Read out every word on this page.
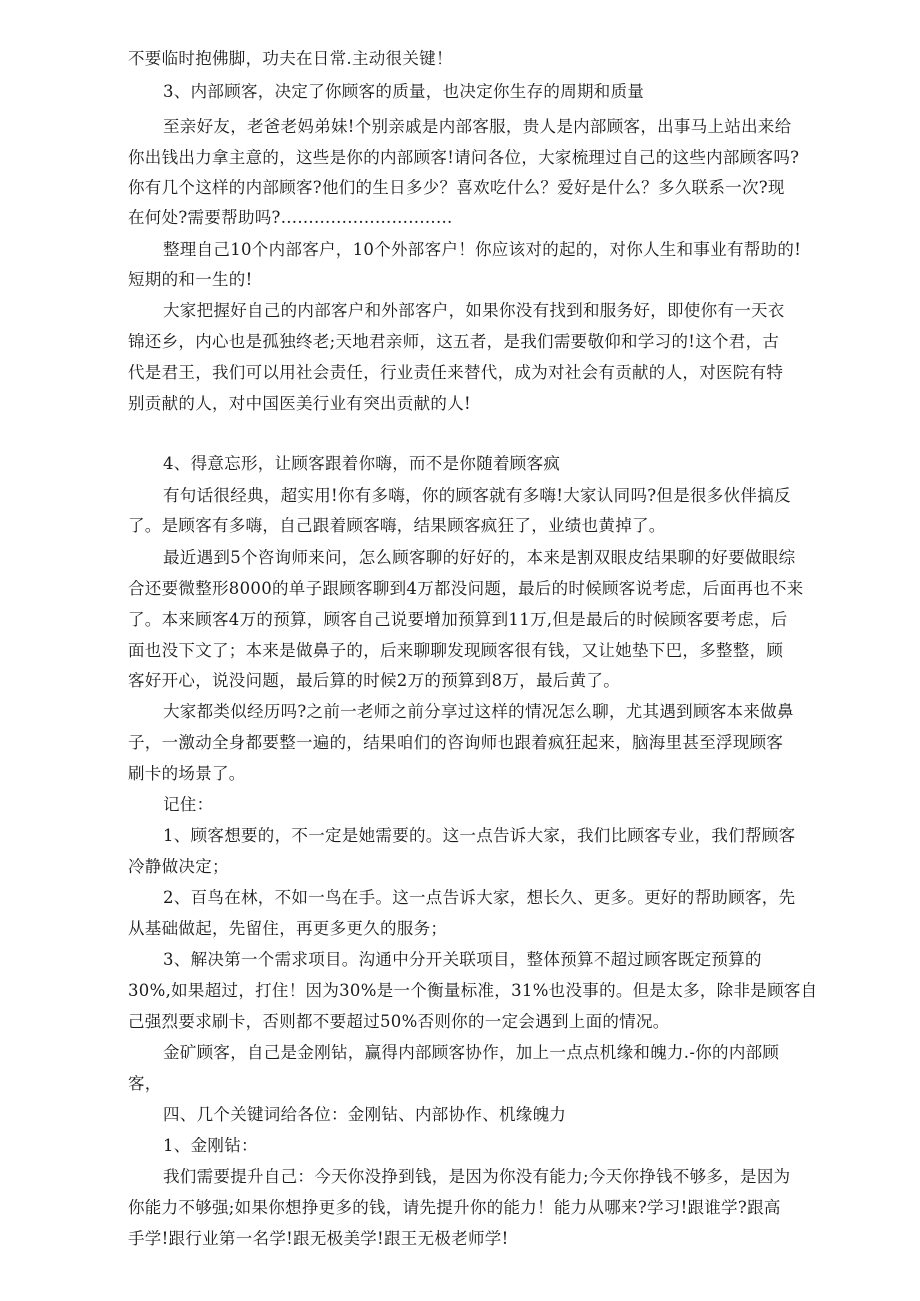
不要临时抱佛脚，功夫在日常.主动很关键！

3、内部顾客，决定了你顾客的质量，也决定你生存的周期和质量

至亲好友，老爸老妈弟妹!个别亲戚是内部客服，贵人是内部顾客，出事马上站出来给

你出钱出力拿主意的，这些是你的内部顾客!请问各位，大家梳理过自己的这些内部顾客吗?

你有几个这样的内部顾客?他们的生日多少？喜欢吃什么？爱好是什么？多久联系一次?现

在何处?需要帮助吗?...............................

整理自己10个内部客户，10个外部客户！你应该对的起的，对你人生和事业有帮助的!

短期的和一生的!

大家把握好自己的内部客户和外部客户，如果你没有找到和服务好，即使你有一天衣

锦还乡，内心也是孤独终老;天地君亲师，这五者，是我们需要敬仰和学习的!这个君，古

代是君王，我们可以用社会责任，行业责任来替代，成为对社会有贡献的人，对医院有特

别贡献的人，对中国医美行业有突出贡献的人!

4、得意忘形，让顾客跟着你嗨，而不是你随着顾客疯

有句话很经典，超实用!你有多嗨，你的顾客就有多嗨!大家认同吗?但是很多伙伴搞反

了。是顾客有多嗨，自己跟着顾客嗨，结果顾客疯狂了，业绩也黄掉了。

最近遇到5个咨询师来问，怎么顾客聊的好好的，本来是割双眼皮结果聊的好要做眼综

合还要微整形8000的单子跟顾客聊到4万都没问题，最后的时候顾客说考虑，后面再也不来

了。本来顾客4万的预算，顾客自己说要增加预算到11万,但是最后的时候顾客要考虑，后

面也没下文了；本来是做鼻子的，后来聊聊发现顾客很有钱，又让她垫下巴，多整整，顾

客好开心，说没问题，最后算的时候2万的预算到8万，最后黄了。

大家都类似经历吗?之前一老师之前分享过这样的情况怎么聊，尤其遇到顾客本来做鼻

子，一激动全身都要整一遍的，结果咱们的咨询师也跟着疯狂起来，脑海里甚至浮现顾客

刷卡的场景了。

记住：

1、顾客想要的，不一定是她需要的。这一点告诉大家，我们比顾客专业，我们帮顾客

冷静做决定；

2、百鸟在林，不如一鸟在手。这一点告诉大家，想长久、更多。更好的帮助顾客，先

从基础做起，先留住，再更多更久的服务；

3、解决第一个需求项目。沟通中分开关联项目，整体预算不超过顾客既定预算的

30%,如果超过，打住！因为30%是一个衡量标准，31%也没事的。但是太多，除非是顾客自

己强烈要求刷卡，否则都不要超过50%否则你的一定会遇到上面的情况。

金矿顾客，自己是金刚钻，赢得内部顾客协作，加上一点点机缘和魄力.-你的内部顾

客，

四、几个关键词给各位：金刚钻、内部协作、机缘魄力

1、金刚钻：

我们需要提升自己：今天你没挣到钱，是因为你没有能力;今天你挣钱不够多，是因为

你能力不够强;如果你想挣更多的钱，请先提升你的能力！能力从哪来?学习!跟谁学?跟高

手学!跟行业第一名学!跟无极美学!跟王无极老师学!
